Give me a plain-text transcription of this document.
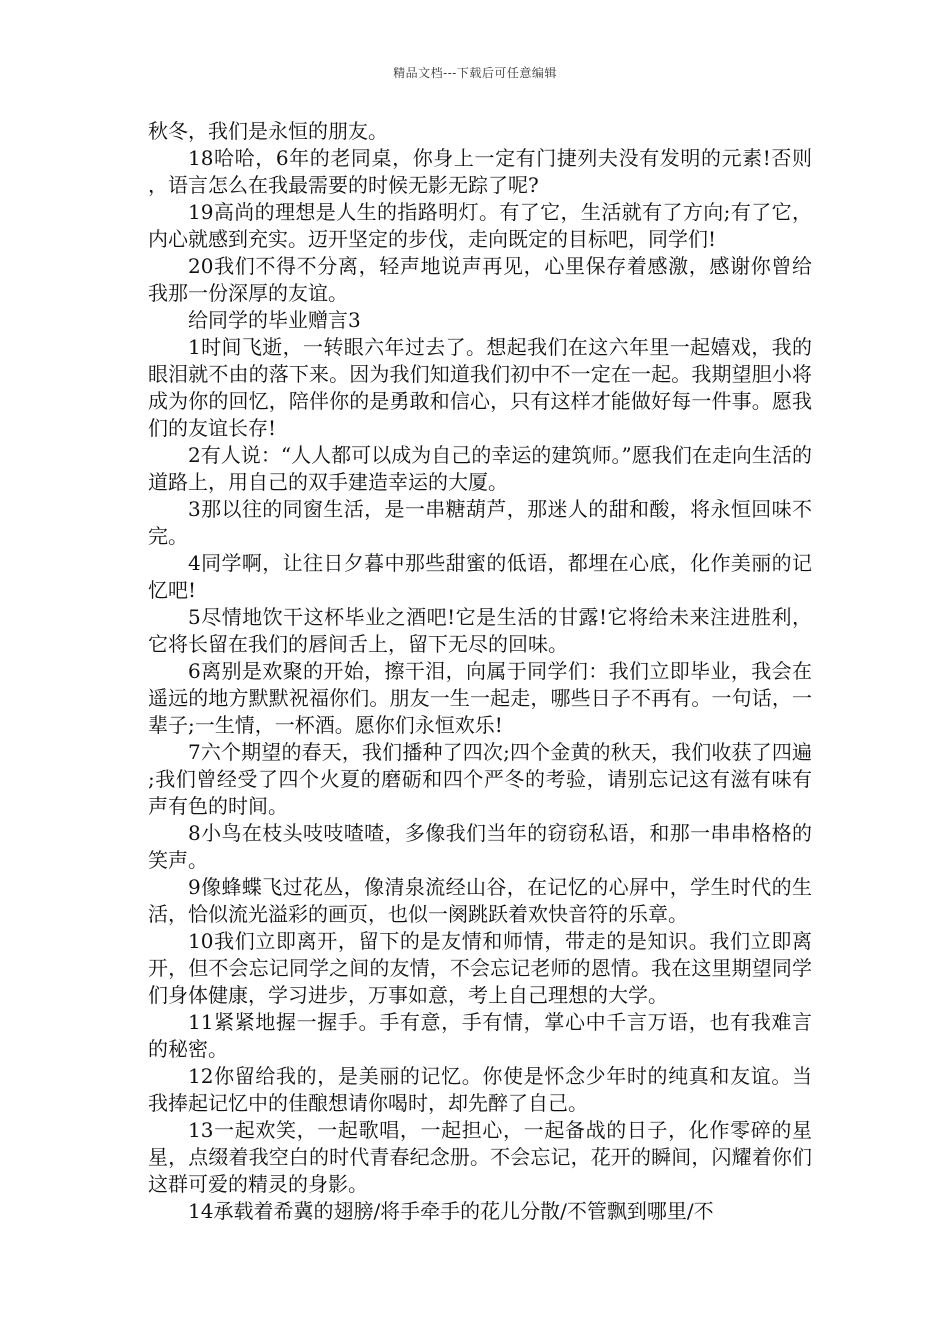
精品文档---下载后可任意编辑

秋冬，我们是永恒的朋友。

18哈哈，6年的老同桌，你身上一定有门捷列夫没有发明的元素!否则，语言怎么在我最需要的时候无影无踪了呢?

19高尚的理想是人生的指路明灯。有了它，生活就有了方向;有了它，内心就感到充实。迈开坚定的步伐，走向既定的目标吧，同学们!

20我们不得不分离，轻声地说声再见，心里保存着感激，感谢你曾给我那一份深厚的友谊。

给同学的毕业赠言3

1时间飞逝，一转眼六年过去了。想起我们在这六年里一起嬉戏，我的眼泪就不由的落下来。因为我们知道我们初中不一定在一起。我期望胆小将成为你的回忆，陪伴你的是勇敢和信心，只有这样才能做好每一件事。愿我们的友谊长存!

2有人说：“人人都可以成为自己的幸运的建筑师。”愿我们在走向生活的道路上，用自己的双手建造幸运的大厦。

3那以往的同窗生活，是一串糖葫芦，那迷人的甜和酸，将永恒回味不完。

4同学啊，让往日夕暮中那些甜蜜的低语，都埋在心底，化作美丽的记忆吧!

5尽情地饮干这杯毕业之酒吧!它是生活的甘露!它将给未来注进胜利，它将长留在我们的唇间舌上，留下无尽的回味。

6离别是欢聚的开始，擦干泪，向属于同学们：我们立即毕业，我会在遥远的地方默默祝福你们。朋友一生一起走，哪些日子不再有。一句话，一辈子;一生情，一杯酒。愿你们永恒欢乐!

7六个期望的春天，我们播种了四次;四个金黄的秋天，我们收获了四遍;我们曾经受了四个火夏的磨砺和四个严冬的考验，请别忘记这有滋有味有声有色的时间。

8小鸟在枝头吱吱喳喳，多像我们当年的窃窃私语，和那一串串格格的笑声。

9像蜂蝶飞过花丛，像清泉流经山谷，在记忆的心屏中，学生时代的生活，恰似流光溢彩的画页，也似一阕跳跃着欢快音符的乐章。

10我们立即离开，留下的是友情和师情，带走的是知识。我们立即离开，但不会忘记同学之间的友情，不会忘记老师的恩情。我在这里期望同学们身体健康，学习进步，万事如意，考上自己理想的大学。

11紧紧地握一握手。手有意，手有情，掌心中千言万语，也有我难言的秘密。

12你留给我的，是美丽的记忆。你使是怀念少年时的纯真和友谊。当我捧起记忆中的佳酿想请你喝时，却先醉了自己。

13一起欢笑，一起歌唱，一起担心，一起备战的日子，化作零碎的星星，点缀着我空白的时代青春纪念册。不会忘记，花开的瞬间，闪耀着你们这群可爱的精灵的身影。

14承载着希冀的翅膀/将手牵手的花儿分散/不管飘到哪里/不
